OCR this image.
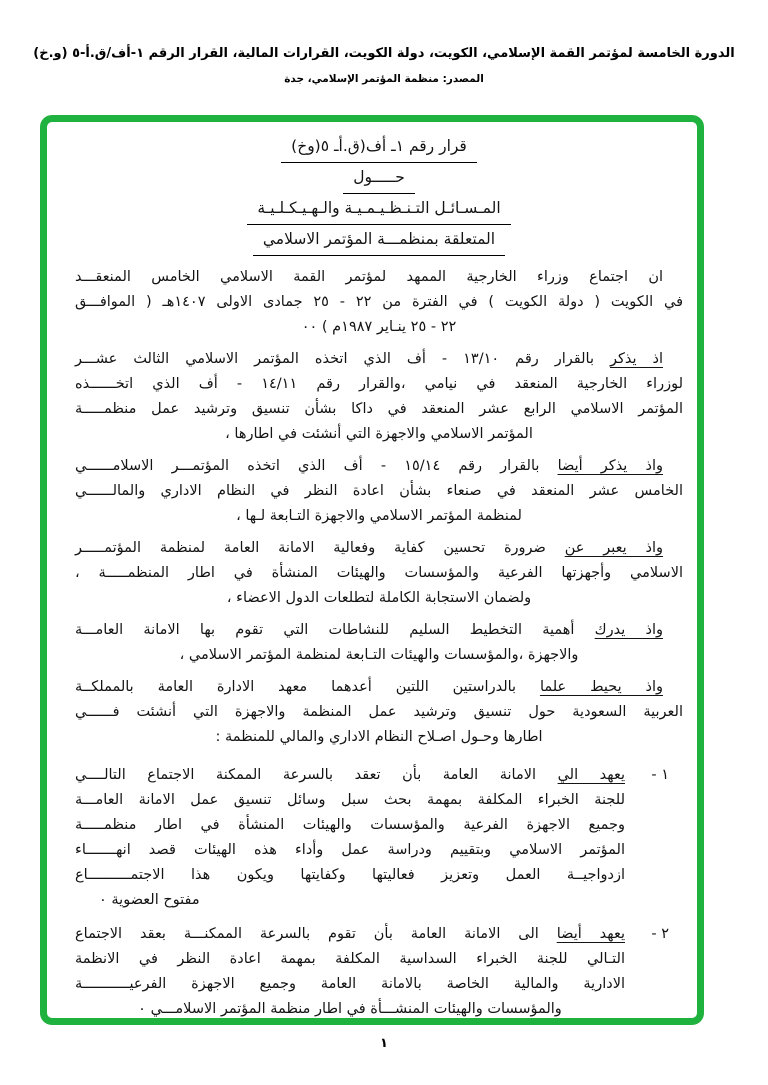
الدورة الخامسة لمؤتمر القمة الإسلامي، الكويت، دولة الكويت، القرارات المالية، القرار الرقم ١-أف/ق.أ-٥ (و.خ)
المصدر: منظمة المؤتمر الإسلامي، جدة
قرار رقم ١ـ أف(ق.أـ ٥(وخ)
حـــــول
المـسـائـل التـنـظـيـمـيـة والـهـيـكـلـيـة
المتعلقة بمنظمـــة المؤتمر الاسلامي
ان اجتماع وزراء الخارجية الممهد لمؤتمر القمة الاسلامي الخامس المنعقـــد
في الكويت ( دولة الكويت ) في الفترة من ٢٢ - ٢٥ جمادى الاولى ١٤٠٧هـ ( الموافـــق
٢٢ - ٢٥ ينـاير ١٩٨٧م ) ٠٠
اذ يذكر بالقرار رقم ١٣/١٠ - أف الذي اتخذه المؤتمر الاسلامي الثالث عشـــر
لوزراء الخارجية المنعقد في نيامي ،والقرار رقم ١٤/١١ - أف الذي اتخــــــذه
المؤتمر الاسلامي الرابع عشر المنعقد في داكا بشأن تنسيق وترشيد عمل منظمـــــة
المؤتمر الاسلامي والاجهزة التي أنشئت في اطارها ،
واذ يذكر أيضا بالقرار رقم ١٥/١٤ - أف الذي اتخذه المؤتمـــر الاسلامــــــي
الخامس عشر المنعقد في صنعاء بشأن اعادة النظر في النظام الاداري والمالــــــي
لمنظمة المؤتمر الاسلامي والاجهزة التـابعة لـها ،
واذ يعبر عن ضرورة تحسين كفاية وفعالية الامانة العامة لمنظمة المؤتمـــــر
الاسلامي وأجهزتها الفرعية والمؤسسات والهيئات المنشأة في اطار المنظمـــــة ،
ولضمان الاستجابة الكاملة لتطلعات الدول الاعضاء ،
واذ يدرك أهمية التخطيط السليم للنشاطات التي تقوم بها الامانة العامـــة
والاجهزة ،والمؤسسات والهيئات التـابعة لمنظمة المؤتمر الاسلامي ،
واذ يحيط علما بالدراستين اللتين أعدهما معهد الادارة العامة بالمملكــة
العربية السعودية حول تنسيق وترشيد عمل المنظمة والاجهزة التي أنشئت فــــــي
اطارها وحـول اصـلاح النظام الاداري والمالي للمنظمة :
١ -
يعهد الي الامانة العامة بأن تعقد بالسرعة الممكنة الاجتماع التالــــي
للجنة الخبراء المكلفة بمهمة بحث سبل وسائل تنسيق عمل الامانة العامـــة
وجميع الاجهزة الفرعية والمؤسسات والهيئات المنشأة في اطار منظمـــــة
المؤتمر الاسلامي وبتقييم ودراسة عمل وأداء هذه الهيئات قصد انهـــــــاء
ازدواجيــة العمل وتعزيز فعاليتها وكفايتها ويكون هذا الاجتمــــــــــاع
مفتوح العضوية ٠
٢ -
يعهد أيضا الى الامانة العامة بأن تقوم بالسرعة الممكنـــة بعقد الاجتماع
التـالي للجنة الخبراء السداسية المكلفة بمهمة اعادة النظر في الانظمة
الادارية والمالية الخاصة بالامانة العامة وجميع الاجهزة الفرعيـــــــــــة
والمؤسسات والهيئات المنشـــأة في اطار منظمة المؤتمر الاسلامـــي ٠
١
